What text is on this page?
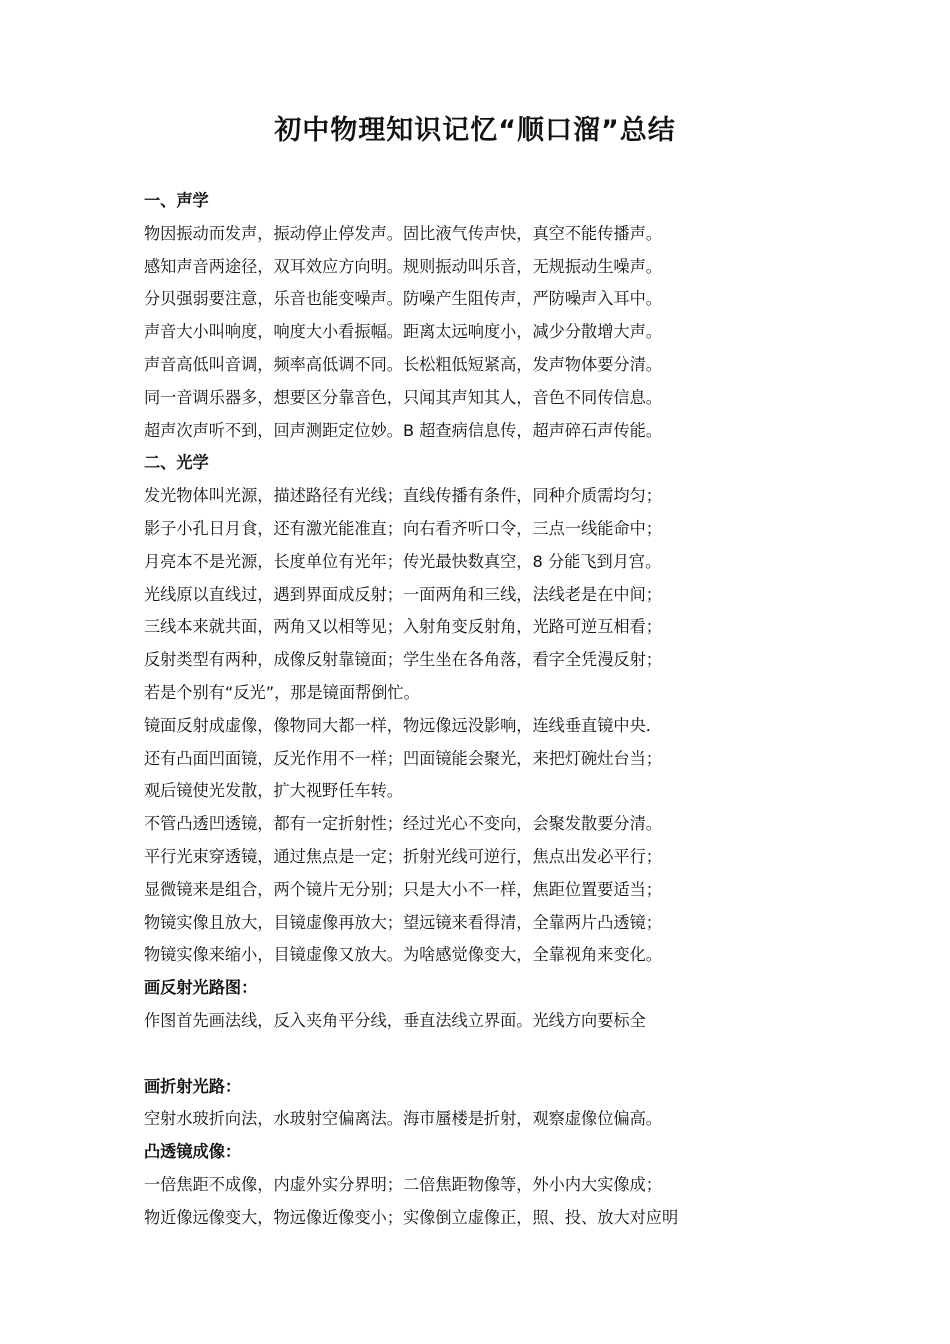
初中物理知识记忆“顺口溜”总结
一、声学
物因振动而发声，振动停止停发声。固比液气传声快，真空不能传播声。
感知声音两途径，双耳效应方向明。规则振动叫乐音，无规振动生噪声。
分贝强弱要注意，乐音也能变噪声。防噪产生阻传声，严防噪声入耳中。
声音大小叫响度，响度大小看振幅。距离太远响度小，减少分散增大声。
声音高低叫音调，频率高低调不同。长松粗低短紧高，发声物体要分清。
同一音调乐器多，想要区分靠音色，只闻其声知其人，音色不同传信息。
超声次声听不到，回声测距定位妙。B 超查病信息传，超声碎石声传能。
二、光学
发光物体叫光源，描述路径有光线；直线传播有条件，同种介质需均匀；
影子小孔日月食，还有激光能准直；向右看齐听口令，三点一线能命中；
月亮本不是光源，长度单位有光年；传光最快数真空，8 分能飞到月宫。
光线原以直线过，遇到界面成反射；一面两角和三线，法线老是在中间；
三线本来就共面，两角又以相等见；入射角变反射角，光路可逆互相看；
反射类型有两种，成像反射靠镜面；学生坐在各角落，看字全凭漫反射；
若是个别有“反光”，那是镜面帮倒忙。
镜面反射成虚像，像物同大都一样，物远像远没影响，连线垂直镜中央．
还有凸面凹面镜，反光作用不一样；凹面镜能会聚光，来把灯碗灶台当；
观后镜使光发散，扩大视野任车转。
不管凸透凹透镜，都有一定折射性；经过光心不变向，会聚发散要分清。
平行光束穿透镜，通过焦点是一定；折射光线可逆行，焦点出发必平行；
显微镜来是组合，两个镜片无分别；只是大小不一样，焦距位置要适当；
物镜实像且放大，目镜虚像再放大；望远镜来看得清，全靠两片凸透镜；
物镜实像来缩小，目镜虚像又放大。为啥感觉像变大，全靠视角来变化。
画反射光路图：
作图首先画法线，反入夹角平分线，垂直法线立界面。光线方向要标全
画折射光路：
空射水玻折向法，水玻射空偏离法。海市蜃楼是折射，观察虚像位偏高。
凸透镜成像：
一倍焦距不成像，内虚外实分界明；二倍焦距物像等，外小内大实像成；
物近像远像变大，物远像近像变小；实像倒立虚像正，照、投、放大对应明
